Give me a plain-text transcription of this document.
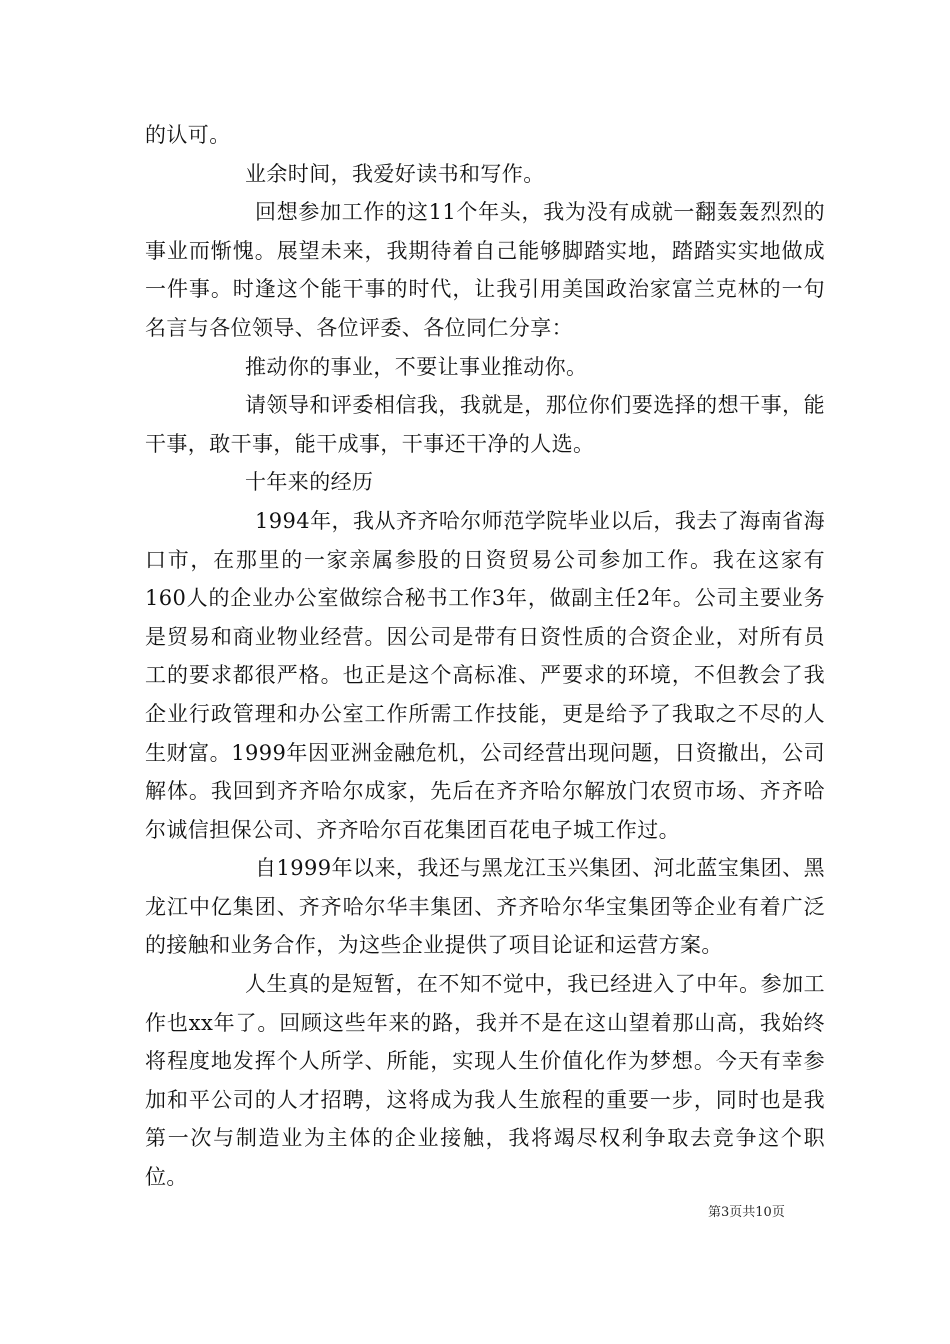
的认可。

业余时间，我爱好读书和写作。

回想参加工作的这11个年头，我为没有成就一翻轰轰烈烈的事业而惭愧。展望未来，我期待着自己能够脚踏实地，踏踏实实地做成一件事。时逢这个能干事的时代，让我引用美国政治家富兰克林的一句名言与各位领导、各位评委、各位同仁分享：

推动你的事业，不要让事业推动你。

请领导和评委相信我，我就是，那位你们要选择的想干事，能干事，敢干事，能干成事，干事还干净的人选。

十年来的经历

1994年，我从齐齐哈尔师范学院毕业以后，我去了海南省海口市，在那里的一家亲属参股的日资贸易公司参加工作。我在这家有160人的企业办公室做综合秘书工作3年，做副主任2年。公司主要业务是贸易和商业物业经营。因公司是带有日资性质的合资企业，对所有员工的要求都很严格。也正是这个高标准、严要求的环境，不但教会了我企业行政管理和办公室工作所需工作技能，更是给予了我取之不尽的人生财富。1999年因亚洲金融危机，公司经营出现问题，日资撤出，公司解体。我回到齐齐哈尔成家，先后在齐齐哈尔解放门农贸市场、齐齐哈尔诚信担保公司、齐齐哈尔百花集团百花电子城工作过。

自1999年以来，我还与黑龙江玉兴集团、河北蓝宝集团、黑龙江中亿集团、齐齐哈尔华丰集团、齐齐哈尔华宝集团等企业有着广泛的接触和业务合作，为这些企业提供了项目论证和运营方案。

人生真的是短暂，在不知不觉中，我已经进入了中年。参加工作也xx年了。回顾这些年来的路，我并不是在这山望着那山高，我始终将程度地发挥个人所学、所能，实现人生价值化作为梦想。今天有幸参加和平公司的人才招聘，这将成为我人生旅程的重要一步，同时也是我第一次与制造业为主体的企业接触，我将竭尽权利争取去竞争这个职位。

第3页共10页
